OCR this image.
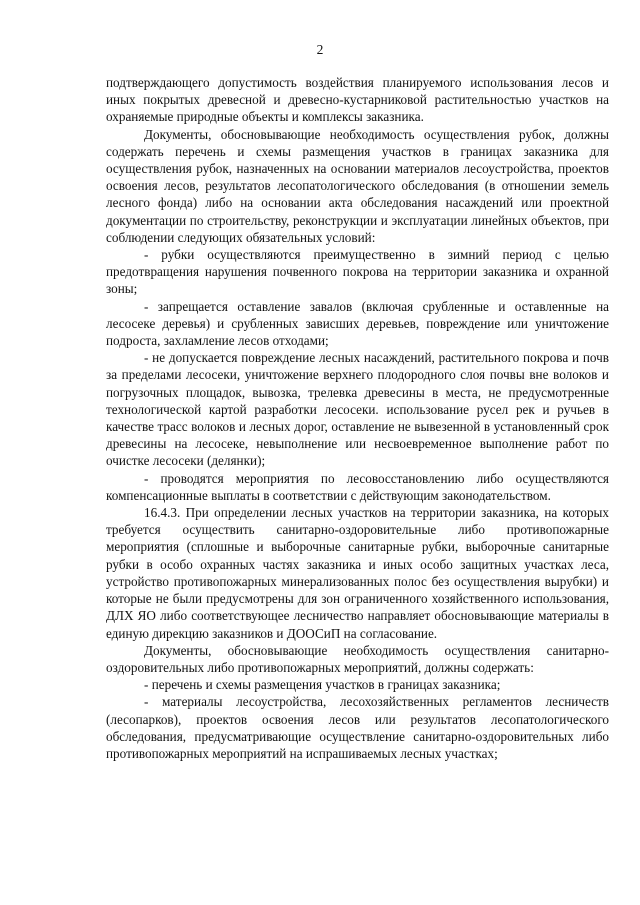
2

подтверждающего допустимость воздействия планируемого использования лесов и иных покрытых древесной и древесно-кустарниковой растительностью участков на охраняемые природные объекты и комплексы заказника.

Документы, обосновывающие необходимость осуществления рубок, должны содержать перечень и схемы размещения участков в границах заказника для осуществления рубок, назначенных на основании материалов лесоустройства, проектов освоения лесов, результатов лесопатологического обследования (в отношении земель лесного фонда) либо на основании акта обследования насаждений или проектной документации по строительству, реконструкции и эксплуатации линейных объектов, при соблюдении следующих обязательных условий:

- рубки осуществляются преимущественно в зимний период с целью предотвращения нарушения почвенного покрова на территории заказника и охранной зоны;

- запрещается оставление завалов (включая срубленные и оставленные на лесосеке деревья) и срубленных зависших деревьев, повреждение или уничтожение подроста, захламление лесов отходами;

- не допускается повреждение лесных насаждений, растительного покрова и почв за пределами лесосеки, уничтожение верхнего плодородного слоя почвы вне волоков и погрузочных площадок, вывозка, трелевка древесины в места, не предусмотренные технологической картой разработки лесосеки. использование русел рек и ручьев в качестве трасс волоков и лесных дорог, оставление не вывезенной в установленный срок древесины на лесосеке, невыполнение или несвоевременное выполнение работ по очистке лесосеки (делянки);

- проводятся мероприятия по лесовосстановлению либо осуществляются компенсационные выплаты в соответствии с действующим законодательством.

16.4.3. При определении лесных участков на территории заказника, на которых требуется осуществить санитарно-оздоровительные либо противопожарные мероприятия (сплошные и выборочные санитарные рубки, выборочные санитарные рубки в особо охранных частях заказника и иных особо защитных участках леса, устройство противопожарных минерализованных полос без осуществления вырубки) и которые не были предусмотрены для зон ограниченного хозяйственного использования, ДЛХ ЯО либо соответствующее лесничество направляет обосновывающие материалы в единую дирекцию заказников и ДООСиП на согласование.

Документы, обосновывающие необходимость осуществления санитарно-оздоровительных либо противопожарных мероприятий, должны содержать:

- перечень и схемы размещения участков в границах заказника;

- материалы лесоустройства, лесохозяйственных регламентов лесничеств (лесопарков), проектов освоения лесов или результатов лесопатологического обследования, предусматривающие осуществление санитарно-оздоровительных либо противопожарных мероприятий на испрашиваемых лесных участках;
